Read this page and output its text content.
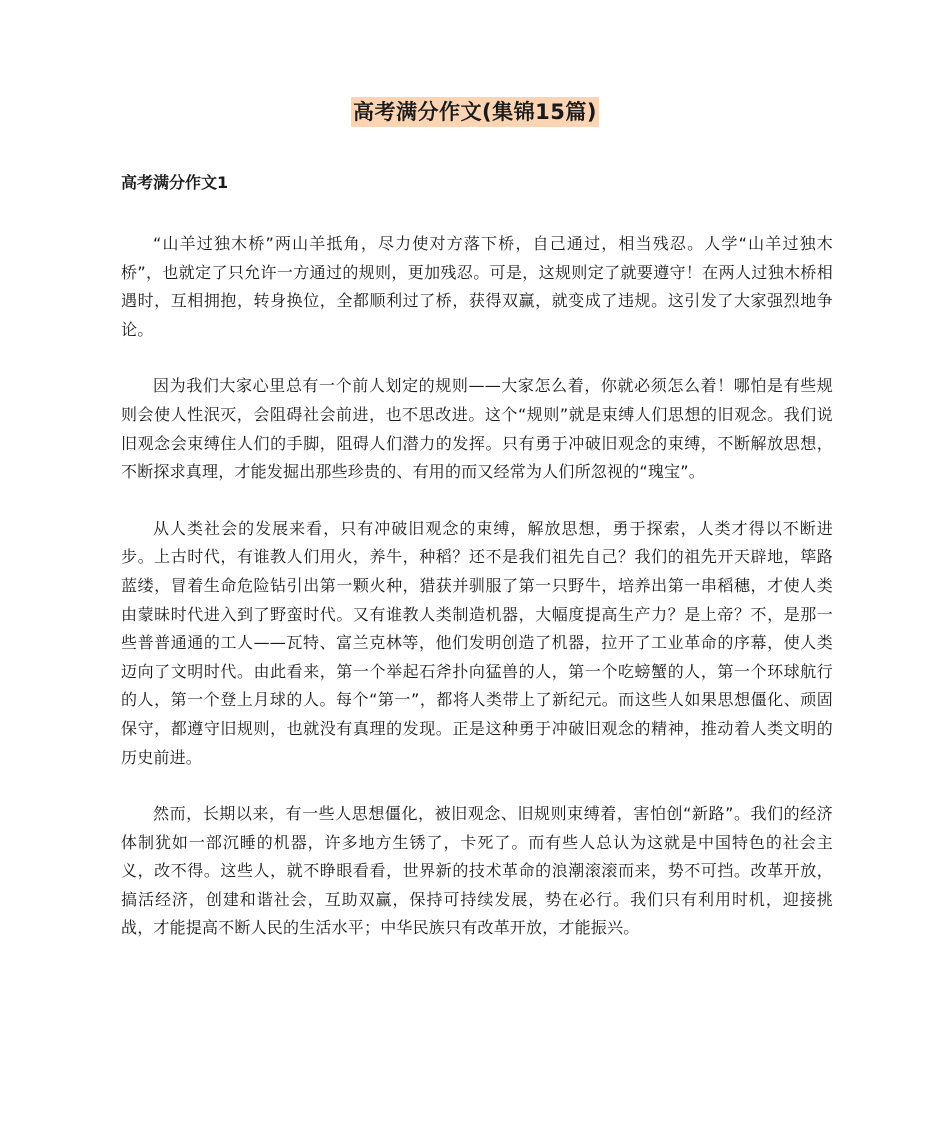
高考满分作文(集锦15篇)
高考满分作文1

“山羊过独木桥”两山羊抵角，尽力使对方落下桥，自己通过，相当残忍。人学“山羊过独木桥”，也就定了只允许一方通过的规则，更加残忍。可是，这规则定了就要遵守！在两人过独木桥相遇时，互相拥抱，转身换位，全都顺利过了桥，获得双赢，就变成了违规。这引发了大家强烈地争论。

因为我们大家心里总有一个前人划定的规则——大家怎么着，你就必须怎么着！哪怕是有些规则会使人性泯灭，会阻碍社会前进，也不思改进。这个“规则”就是束缚人们思想的旧观念。我们说旧观念会束缚住人们的手脚，阻碍人们潜力的发挥。只有勇于冲破旧观念的束缚，不断解放思想，不断探求真理，才能发掘出那些珍贵的、有用的而又经常为人们所忽视的“瑰宝”。

从人类社会的发展来看，只有冲破旧观念的束缚，解放思想，勇于探索，人类才得以不断进步。上古时代，有谁教人们用火，养牛，种稻？还不是我们祖先自己？我们的祖先开天辟地，筚路蓝缕，冒着生命危险钻引出第一颗火种，猎获并驯服了第一只野牛，培养出第一串稻穗，才使人类由蒙昧时代进入到了野蛮时代。又有谁教人类制造机器，大幅度提高生产力？是上帝？不，是那一些普普通通的工人——瓦特、富兰克林等，他们发明创造了机器，拉开了工业革命的序幕，使人类迈向了文明时代。由此看来，第一个举起石斧扑向猛兽的人，第一个吃螃蟹的人，第一个环球航行的人，第一个登上月球的人。每个“第一”，都将人类带上了新纪元。而这些人如果思想僵化、顽固保守，都遵守旧规则，也就没有真理的发现。正是这种勇于冲破旧观念的精神，推动着人类文明的历史前进。

然而，长期以来，有一些人思想僵化，被旧观念、旧规则束缚着，害怕创“新路”。我们的经济体制犹如一部沉睡的机器，许多地方生锈了，卡死了。而有些人总认为这就是中国特色的社会主义，改不得。这些人，就不睁眼看看，世界新的技术革命的浪潮滚滚而来，势不可挡。改革开放，搞活经济，创建和谐社会，互助双赢，保持可持续发展，势在必行。我们只有利用时机，迎接挑战，才能提高不断人民的生活水平；中华民族只有改革开放，才能振兴。
